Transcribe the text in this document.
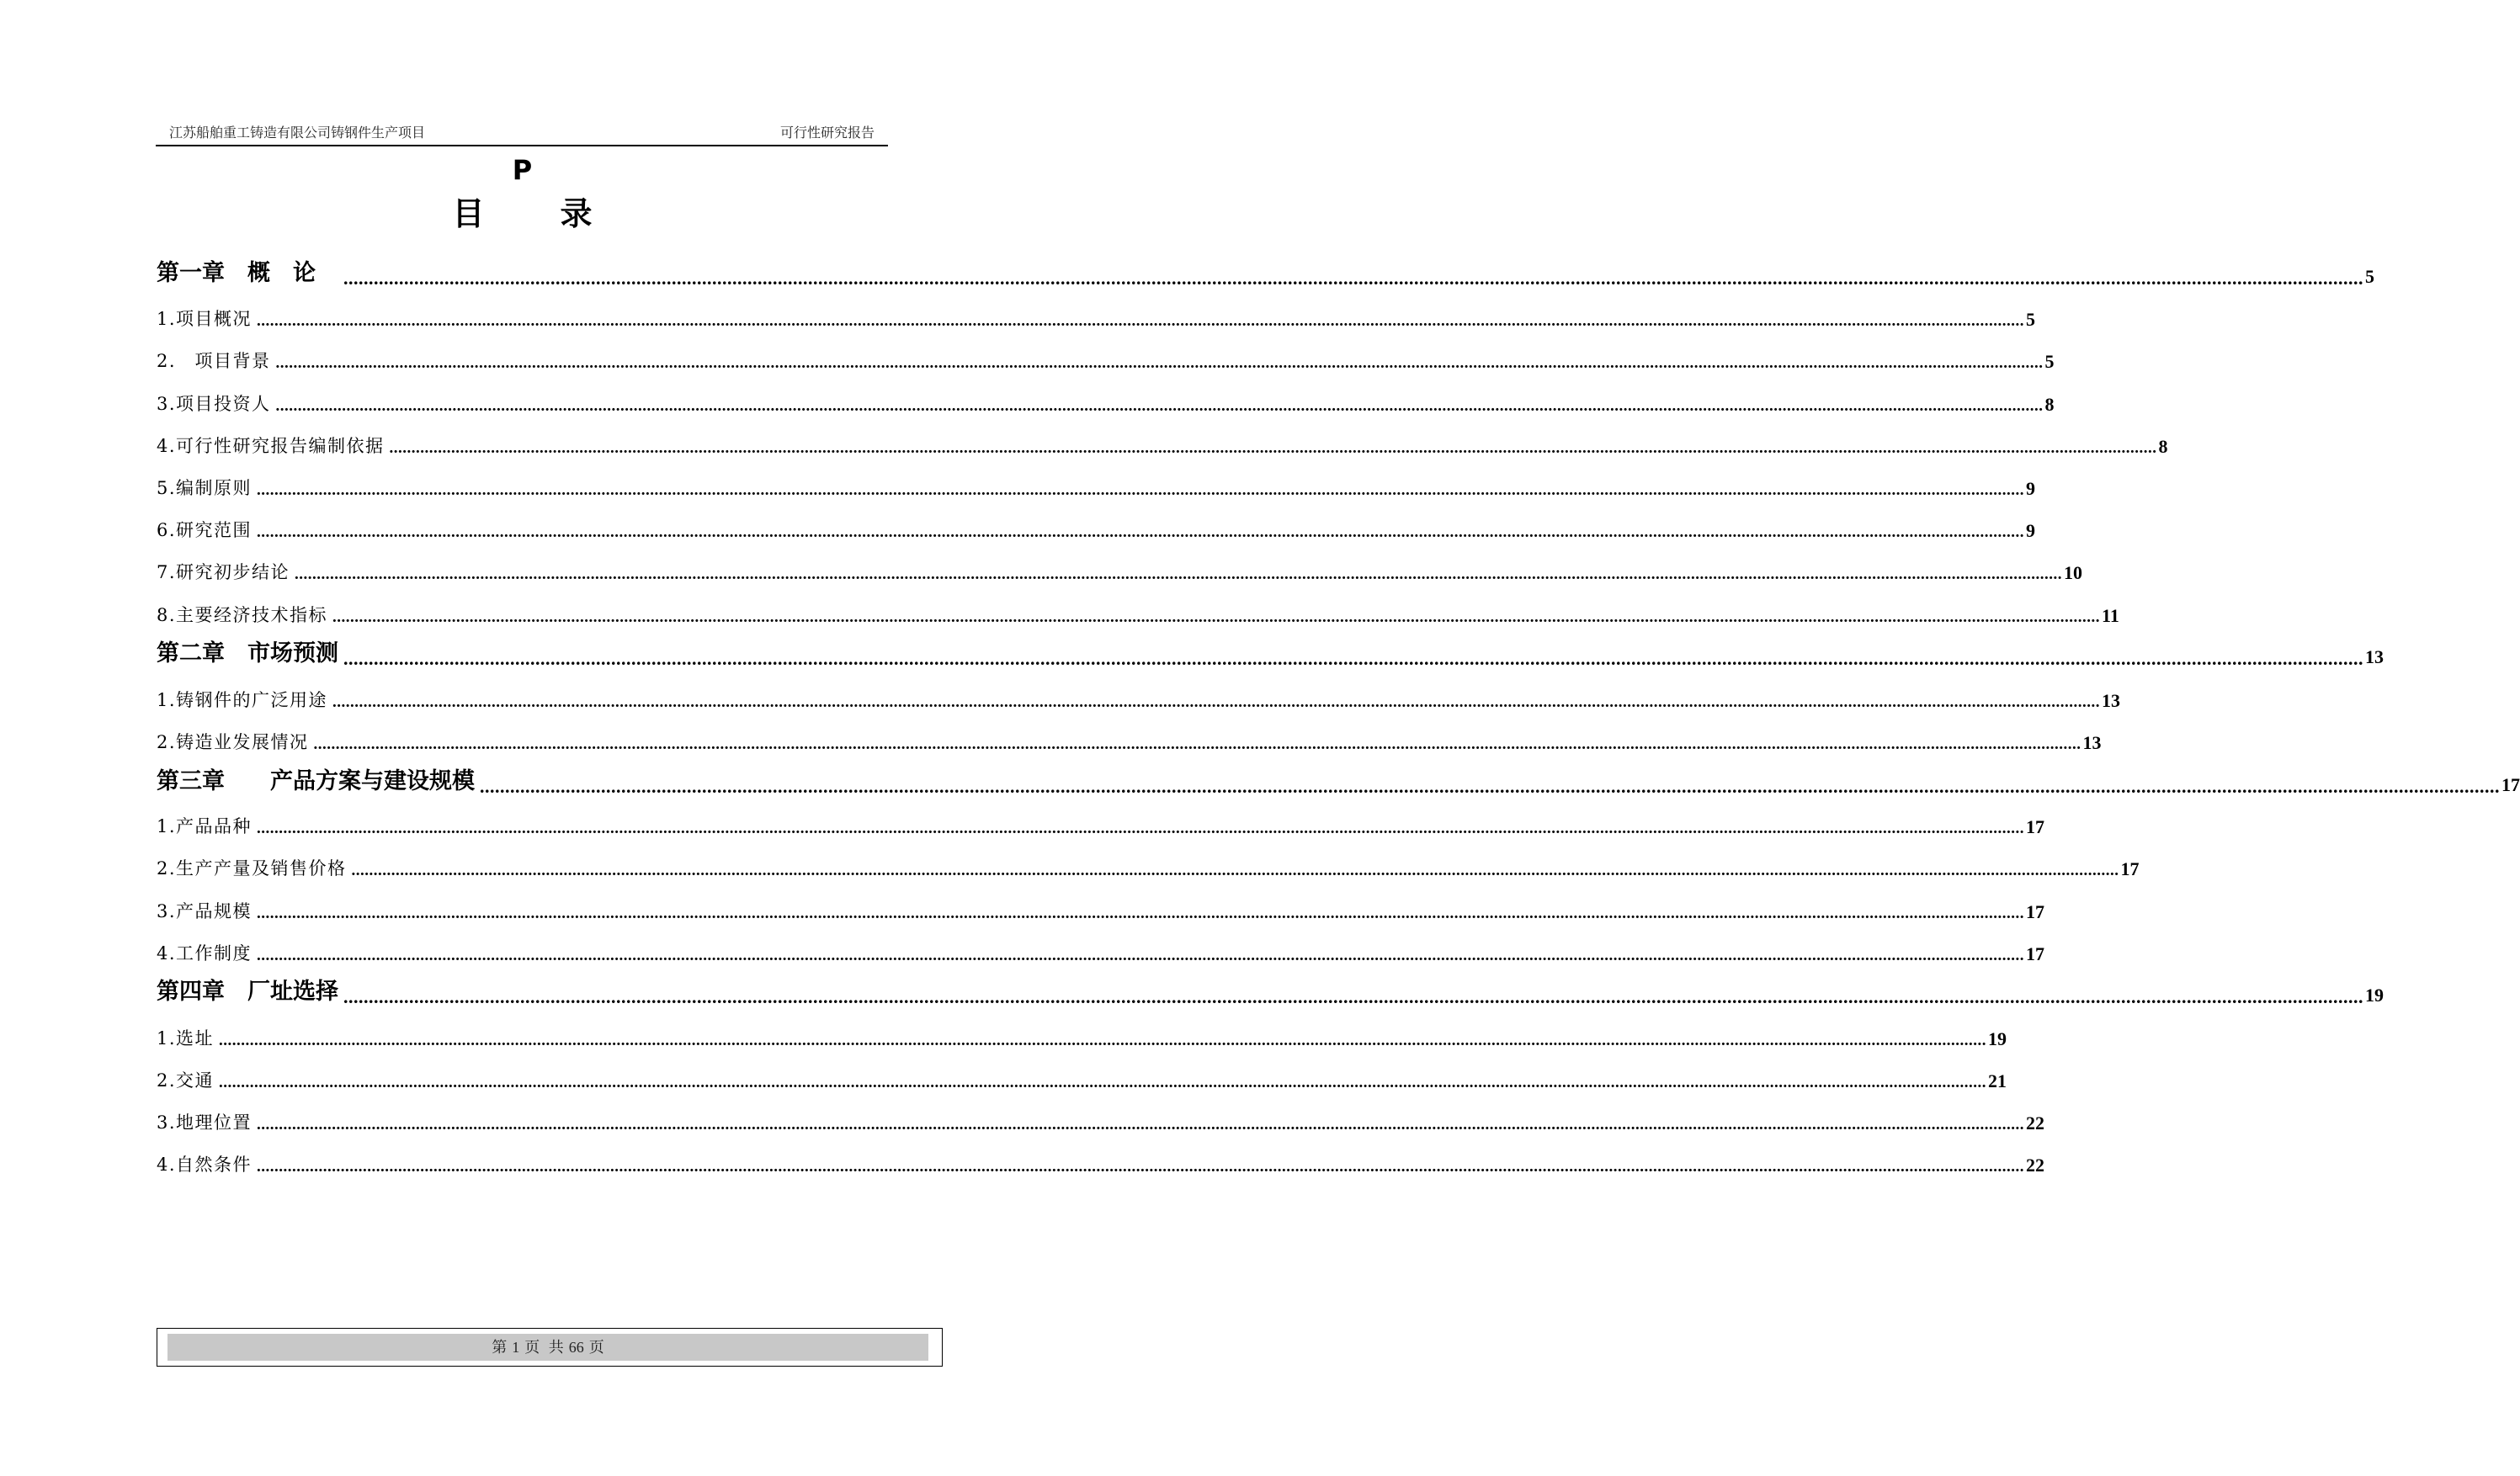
江苏船舶重工铸造有限公司铸钢件生产项目	可行性研究报告
P
目 录
第一章　概　论　 ................................................................................................................................................................................................................................................................................................................................................................................................................ 5
1.项目概况 ................................................................................................................................................................................................................................................................................................................................................................................................................ 5
2.　项目背景 ................................................................................................................................................................................................................................................................................................................................................................................................................ 5
3.项目投资人 ................................................................................................................................................................................................................................................................................................................................................................................................................ 8
4.可行性研究报告编制依据 ................................................................................................................................................................................................................................................................................................................................................................................................................ 8
5.编制原则 ................................................................................................................................................................................................................................................................................................................................................................................................................ 9
6.研究范围 ................................................................................................................................................................................................................................................................................................................................................................................................................ 9
7.研究初步结论 ................................................................................................................................................................................................................................................................................................................................................................................................................ 10
8.主要经济技术指标 ................................................................................................................................................................................................................................................................................................................................................................................................................ 11
第二章　市场预测 ................................................................................................................................................................................................................................................................................................................................................................................................................ 13
1.铸钢件的广泛用途 ................................................................................................................................................................................................................................................................................................................................................................................................................ 13
2.铸造业发展情况 ................................................................................................................................................................................................................................................................................................................................................................................................................ 13
第三章　　产品方案与建设规模 ................................................................................................................................................................................................................................................................................................................................................................................................................ 17
1.产品品种 ................................................................................................................................................................................................................................................................................................................................................................................................................ 17
2.生产产量及销售价格 ................................................................................................................................................................................................................................................................................................................................................................................................................ 17
3.产品规模 ................................................................................................................................................................................................................................................................................................................................................................................................................ 17
4.工作制度 ................................................................................................................................................................................................................................................................................................................................................................................................................ 17
第四章　厂址选择 ................................................................................................................................................................................................................................................................................................................................................................................................................ 19
1.选址 ................................................................................................................................................................................................................................................................................................................................................................................................................ 19
2.交通 ................................................................................................................................................................................................................................................................................................................................................................................................................ 21
3.地理位置 ................................................................................................................................................................................................................................................................................................................................................................................................................ 22
4.自然条件 ................................................................................................................................................................................................................................................................................................................................................................................................................ 22
第 1 页 共 66 页
